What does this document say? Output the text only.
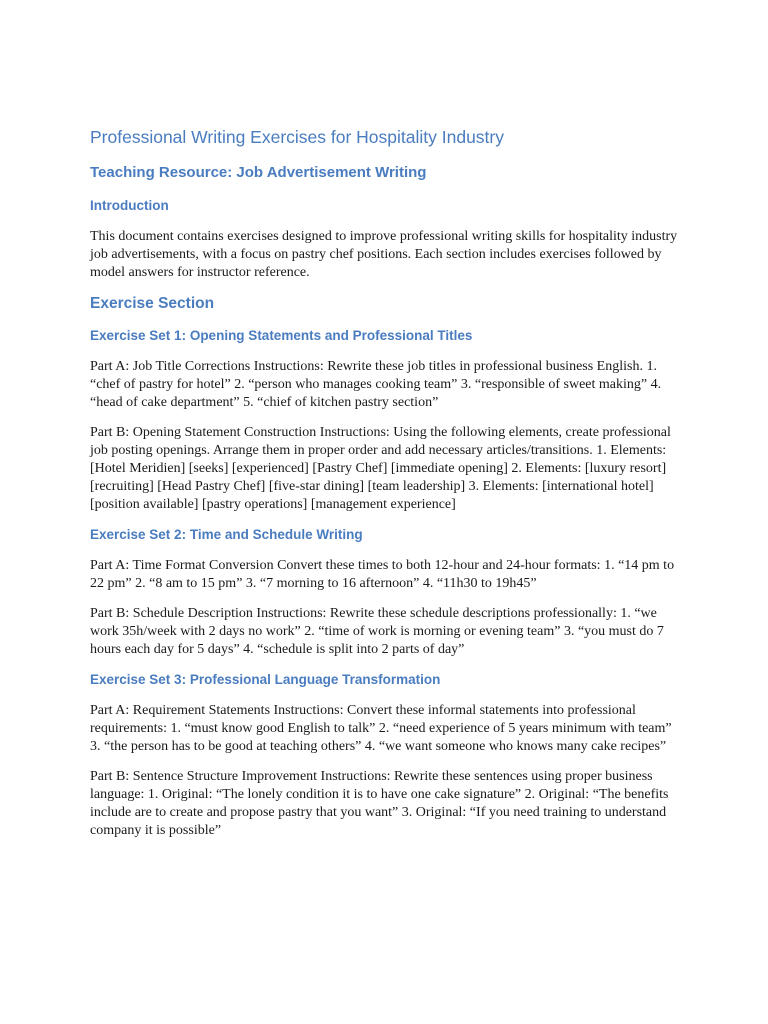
Professional Writing Exercises for Hospitality Industry
Teaching Resource: Job Advertisement Writing
Introduction

This document contains exercises designed to improve professional writing skills for hospitality industry job advertisements, with a focus on pastry chef positions. Each section includes exercises followed by model answers for instructor reference.

Exercise Section
Exercise Set 1: Opening Statements and Professional Titles

Part A: Job Title Corrections Instructions: Rewrite these job titles in professional business English. 1. “chef of pastry for hotel” 2. “person who manages cooking team” 3. “responsible of sweet making” 4. “head of cake department” 5. “chief of kitchen pastry section”

Part B: Opening Statement Construction Instructions: Using the following elements, create professional job posting openings. Arrange them in proper order and add necessary articles/transitions. 1. Elements: [Hotel Meridien] [seeks] [experienced] [Pastry Chef] [immediate opening] 2. Elements: [luxury resort] [recruiting] [Head Pastry Chef] [five-star dining] [team leadership] 3. Elements: [international hotel] [position available] [pastry operations] [management experience]

Exercise Set 2: Time and Schedule Writing

Part A: Time Format Conversion Convert these times to both 12-hour and 24-hour formats: 1. “14 pm to 22 pm” 2. “8 am to 15 pm” 3. “7 morning to 16 afternoon” 4. “11h30 to 19h45”

Part B: Schedule Description Instructions: Rewrite these schedule descriptions professionally: 1. “we work 35h/week with 2 days no work” 2. “time of work is morning or evening team” 3. “you must do 7 hours each day for 5 days” 4. “schedule is split into 2 parts of day”

Exercise Set 3: Professional Language Transformation

Part A: Requirement Statements Instructions: Convert these informal statements into professional requirements: 1. “must know good English to talk” 2. “need experience of 5 years minimum with team” 3. “the person has to be good at teaching others” 4. “we want someone who knows many cake recipes”

Part B: Sentence Structure Improvement Instructions: Rewrite these sentences using proper business language: 1. Original: “The lonely condition it is to have one cake signature” 2. Original: “The benefits include are to create and propose pastry that you want” 3. Original: “If you need training to understand company it is possible”
